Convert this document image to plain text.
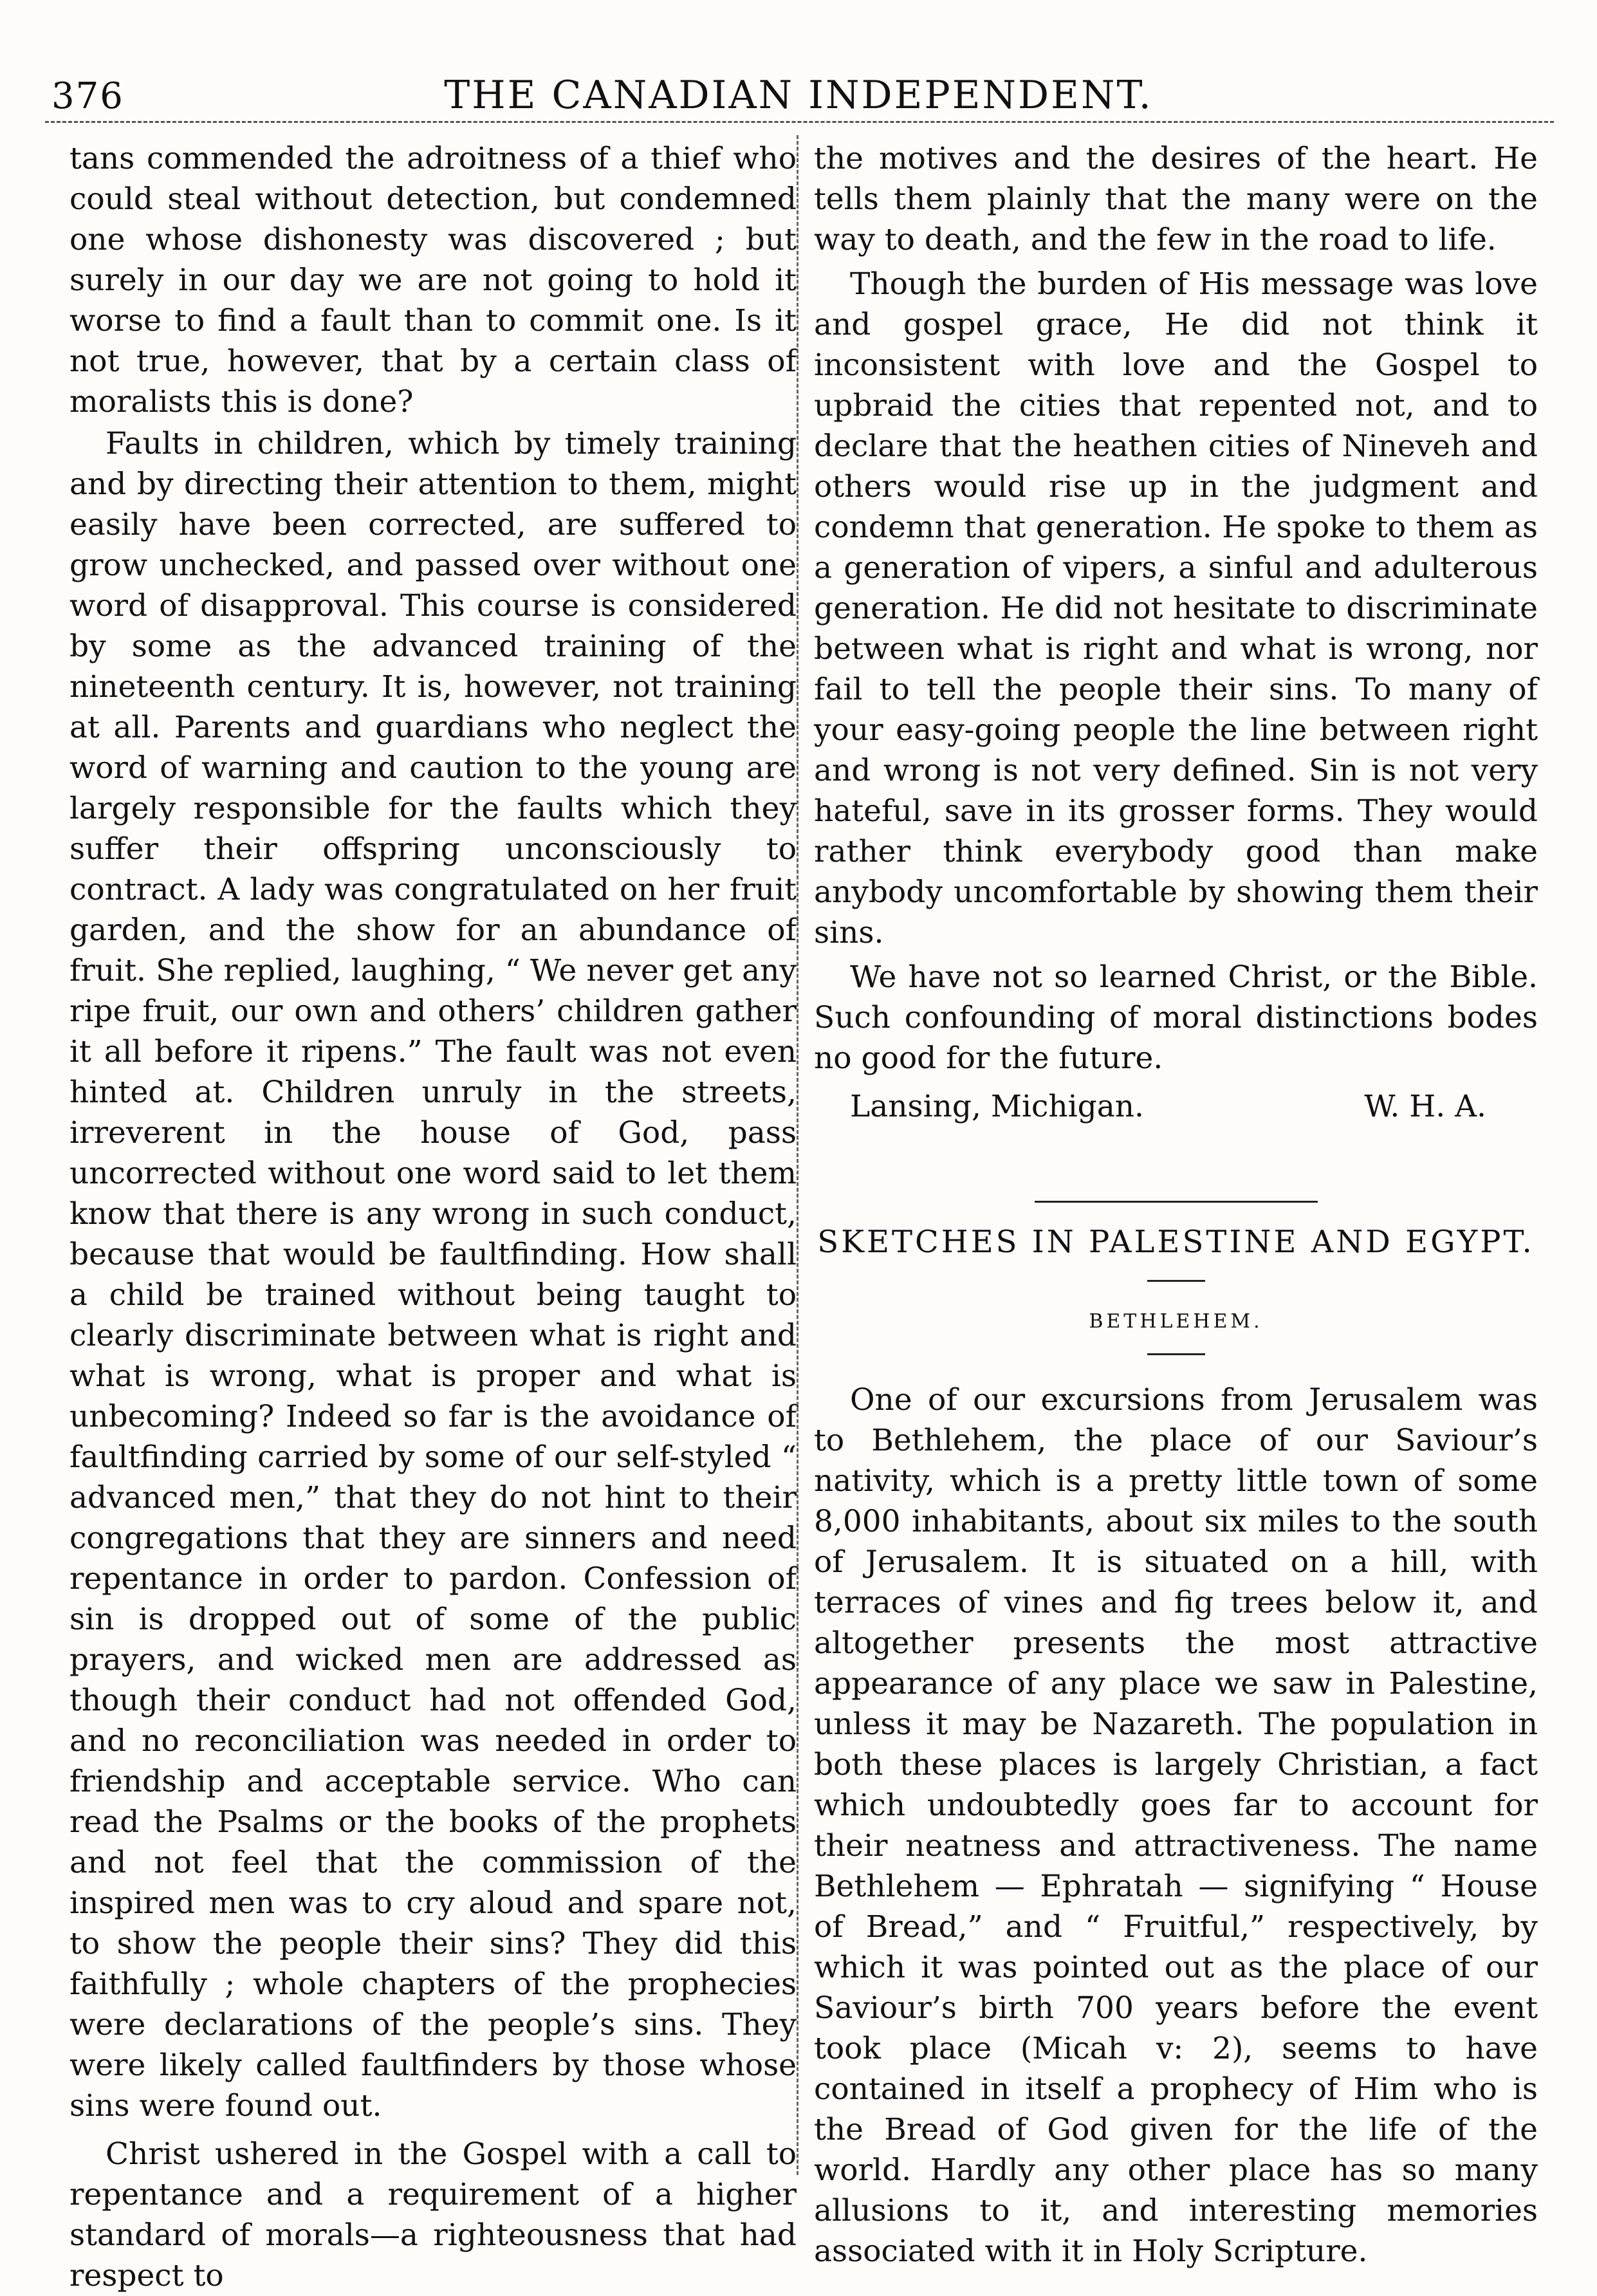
376	THE CANADIAN INDEPENDENT.

tans commended the adroitness of a thief who could steal without detection, but condemned one whose dishonesty was discovered ; but surely in our day we are not going to hold it worse to find a fault than to commit one. Is it not true, however, that by a certain class of moralists this is done?

Faults in children, which by timely training and by directing their attention to them, might easily have been corrected, are suffered to grow unchecked, and passed over without one word of disapproval. This course is considered by some as the advanced training of the nineteenth century. It is, however, not training at all. Parents and guardians who neglect the word of warning and caution to the young are largely responsible for the faults which they suffer their offspring unconsciously to contract. A lady was congratulated on her fruit garden, and the show for an abundance of fruit. She replied, laughing, “ We never get any ripe fruit, our own and others’ children gather it all before it ripens.” The fault was not even hinted at. Children unruly in the streets, irreverent in the house of God, pass uncorrected without one word said to let them know that there is any wrong in such conduct, because that would be faultfinding. How shall a child be trained without being taught to clearly discriminate between what is right and what is wrong, what is proper and what is unbecoming? Indeed so far is the avoidance of faultfinding carried by some of our self-styled “ advanced men,” that they do not hint to their congregations that they are sinners and need repentance in order to pardon. Confession of sin is dropped out of some of the public prayers, and wicked men are addressed as though their conduct had not offended God, and no reconciliation was needed in order to friendship and acceptable service. Who can read the Psalms or the books of the prophets and not feel that the commission of the inspired men was to cry aloud and spare not, to show the people their sins? They did this faithfully ; whole chapters of the prophecies were declarations of the people’s sins. They were likely called faultfinders by those whose sins were found out.

Christ ushered in the Gospel with a call to repentance and a requirement of a higher standard of morals—a righteousness that had respect to

the motives and the desires of the heart. He tells them plainly that the many were on the way to death, and the few in the road to life.

Though the burden of His message was love and gospel grace, He did not think it inconsistent with love and the Gospel to upbraid the cities that repented not, and to declare that the heathen cities of Nineveh and others would rise up in the judgment and condemn that generation. He spoke to them as a generation of vipers, a sinful and adulterous generation. He did not hesitate to discriminate between what is right and what is wrong, nor fail to tell the people their sins. To many of your easy-going people the line between right and wrong is not very defined. Sin is not very hateful, save in its grosser forms. They would rather think everybody good than make anybody uncomfortable by showing them their sins.

We have not so learned Christ, or the Bible. Such confounding of moral distinctions bodes no good for the future.

Lansing, Michigan.	W. H. A.
SKETCHES IN PALESTINE AND EGYPT.
BETHLEHEM.

One of our excursions from Jerusalem was to Bethlehem, the place of our Saviour’s nativity, which is a pretty little town of some 8,000 inhabitants, about six miles to the south of Jerusalem. It is situated on a hill, with terraces of vines and fig trees below it, and altogether presents the most attractive appearance of any place we saw in Palestine, unless it may be Nazareth. The population in both these places is largely Christian, a fact which undoubtedly goes far to account for their neatness and attractiveness. The name Bethlehem — Ephratah — signifying “ House of Bread,” and “ Fruitful,” respectively, by which it was pointed out as the place of our Saviour’s birth 700 years before the event took place (Micah v: 2), seems to have contained in itself a prophecy of Him who is the Bread of God given for the life of the world. Hardly any other place has so many allusions to it, and interesting memories associated with it in Holy Scripture.
